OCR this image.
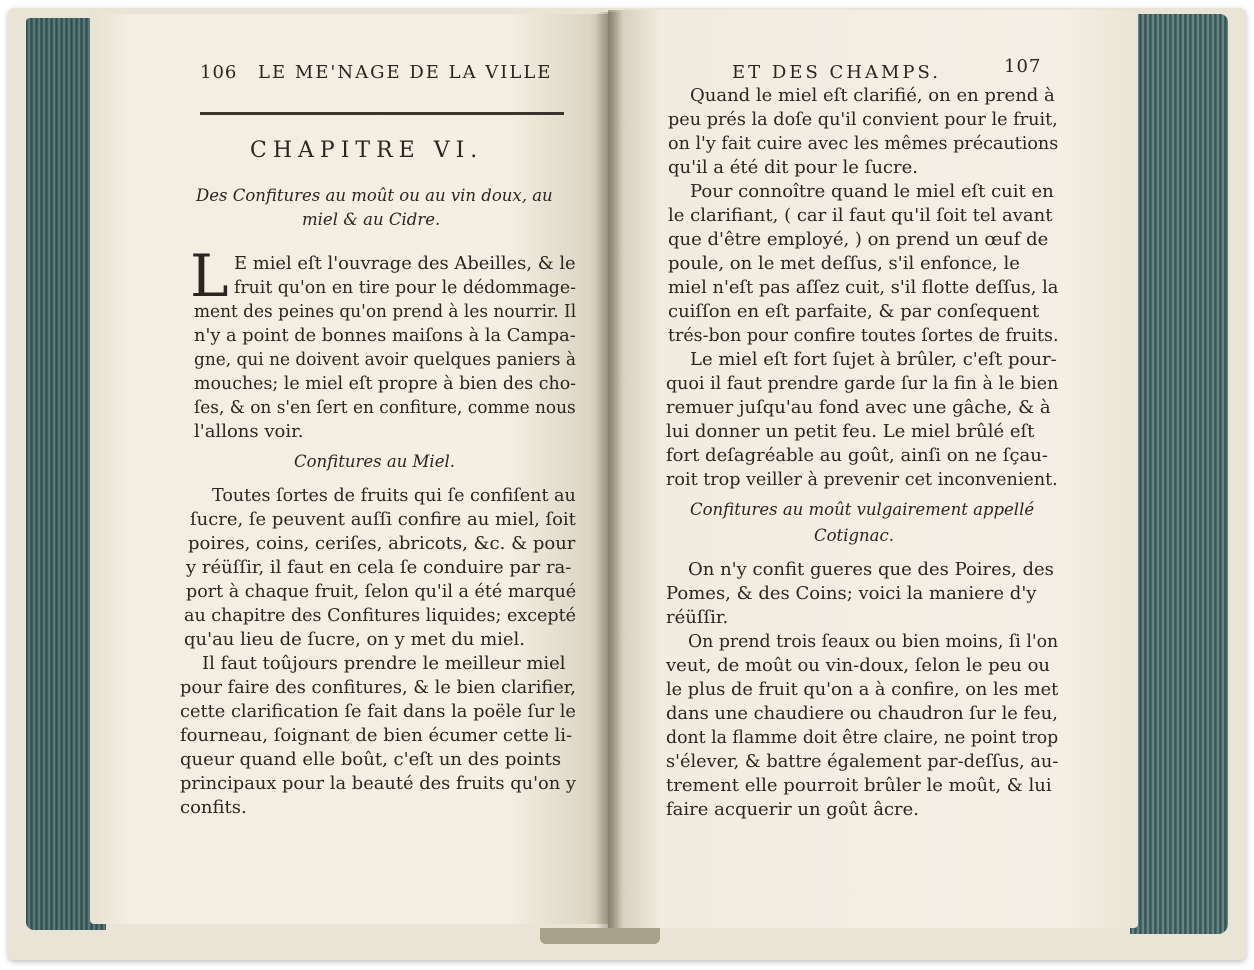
106 LE ME'NAGE DE LA VILLE
CHAPITRE VI.
Des Confitures au moût ou au vin doux, au
miel & au Cidre.
L E miel eſt l'ouvrage des Abeilles, & le
fruit qu'on en tire pour le dédommage-
ment des peines qu'on prend à les nourrir. Il
n'y a point de bonnes maiſons à la Campa-
gne, qui ne doivent avoir quelques paniers à
mouches; le miel eſt propre à bien des cho-
ſes, & on s'en ſert en confiture, comme nous
l'allons voir.
Confitures au Miel.
Toutes ſortes de fruits qui ſe confiſent au
ſucre, ſe peuvent auſſi confire au miel, ſoit
poires, coins, ceriſes, abricots, &c. & pour
y réüſſir, il faut en cela ſe conduire par ra-
port à chaque fruit, ſelon qu'il a été marqué
au chapitre des Confitures liquides; excepté
qu'au lieu de ſucre, on y met du miel.
Il faut toûjours prendre le meilleur miel
pour faire des confitures, & le bien clarifier,
cette clarification ſe fait dans la poële ſur le
fourneau, ſoignant de bien écumer cette li-
queur quand elle boût, c'eſt un des points
principaux pour la beauté des fruits qu'on y
confits.
ET DES CHAMPS.	107
Quand le miel eſt clarifié, on en prend à
peu prés la doſe qu'il convient pour le fruit,
on l'y fait cuire avec les mêmes précautions
qu'il a été dit pour le ſucre.
Pour connoître quand le miel eſt cuit en
le clarifiant, ( car il faut qu'il ſoit tel avant
que d'être employé, ) on prend un œuf de
poule, on le met deſſus, s'il enfonce, le
miel n'eſt pas aſſez cuit, s'il flotte deſſus, la
cuiſſon en eſt parfaite, & par conſequent
trés-bon pour confire toutes ſortes de fruits.
Le miel eſt fort ſujet à brûler, c'eſt pour-
quoi il faut prendre garde ſur la fin à le bien
remuer juſqu'au fond avec une gâche, & à
lui donner un petit feu. Le miel brûlé eſt
fort deſagréable au goût, ainſi on ne ſçau-
roit trop veiller à prevenir cet inconvenient.
Confitures au moût vulgairement appellé
Cotignac.
On n'y confit gueres que des Poires, des
Pomes, & des Coins; voici la maniere d'y
réüſſir.
On prend trois ſeaux ou bien moins, ſi l'on
veut, de moût ou vin-doux, ſelon le peu ou
le plus de fruit qu'on a à confire, on les met
dans une chaudiere ou chaudron ſur le feu,
dont la flamme doit être claire, ne point trop
s'élever, & battre également par-deſſus, au-
trement elle pourroit brûler le moût, & lui
faire acquerir un goût âcre.
